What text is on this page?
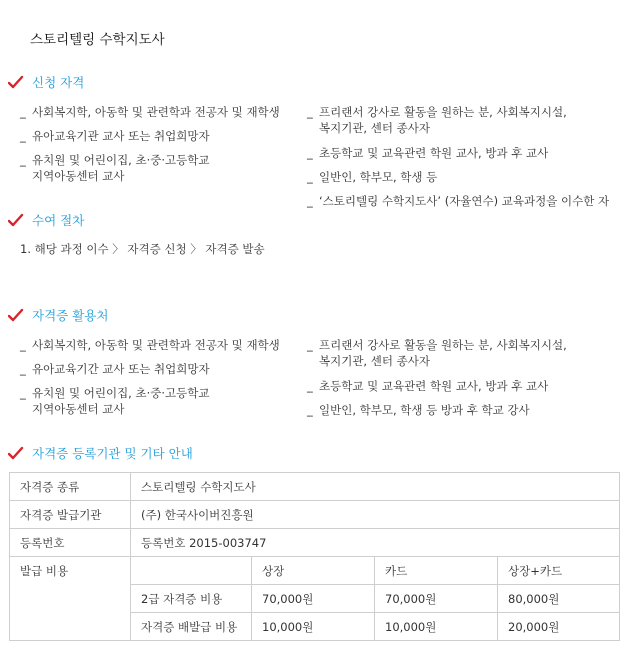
스토리텔링 수학지도사
신청 자격
_ 사회복지학, 아동학 및 관련학과 전공자 및 재학생
_ 유아교육기관 교사 또는 취업희망자
_ 유치원 및 어린이집, 초·중·고등학교
지역아동센터 교사
_ 프리랜서 강사로 활동을 원하는 분, 사회복지시설,
복지기관, 센터 종사자
_ 초등학교 및 교육관련 학원 교사, 방과 후 교사
_ 일반인, 학부모, 학생 등
_ ‘스토리텔링 수학지도사’ (자율연수) 교육과정을 이수한 자
수여 절차
1. 해당 과정 이수 〉 자격증 신청 〉 자격증 발송
자격증 활용처
_ 사회복지학, 아동학 및 관련학과 전공자 및 재학생
_ 유아교육기간 교사 또는 취업희망자
_ 유치원 및 어린이집, 초·중·고등학교
지역아동센터 교사
_ 프리랜서 강사로 활동을 원하는 분, 사회복지시설,
복지기관, 센터 종사자
_ 초등학교 및 교육관련 학원 교사, 방과 후 교사
_ 일반인, 학부모, 학생 등 방과 후 학교 강사
자격증 등록기관 및 기타 안내
자격증 종류	스토리텔링 수학지도사			
자격증 발급기관	(주) 한국사이버진흥원			
등록번호	등록번호 2015-003747			
발급 비용		상장	카드	상장+카드
	2급 자격증 비용	70,000원	70,000원	80,000원
	자격증 배발급 비용	10,000원	10,000원	20,000원
